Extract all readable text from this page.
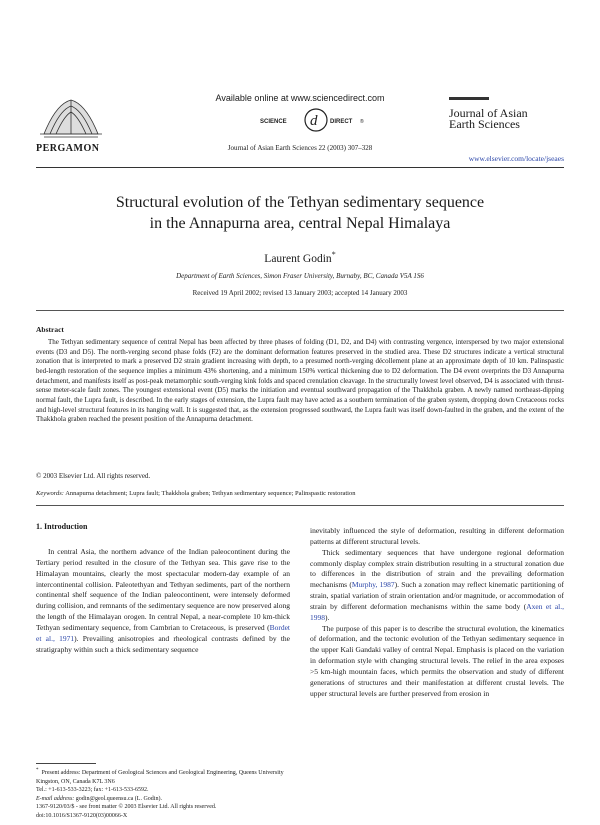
PERGAMON
Available online at www.sciencedirect.com
SCIENCE d DIRECT ®
Journal of Asian Earth Sciences 22 (2003) 307–328
Journal of Asian
Earth Sciences
www.elsevier.com/locate/jseaes
Structural evolution of the Tethyan sedimentary sequence
in the Annapurna area, central Nepal Himalaya
Laurent Godin*
Department of Earth Sciences, Simon Fraser University, Burnaby, BC, Canada V5A 1S6
Received 19 April 2002; revised 13 January 2003; accepted 14 January 2003
Abstract

The Tethyan sedimentary sequence of central Nepal has been affected by three phases of folding (D1, D2, and D4) with contrasting vergence, interspersed by two major extensional events (D3 and D5). The north-verging second phase folds (F2) are the dominant deformation features preserved in the studied area. These D2 structures indicate a vertical structural zonation that is interpreted to mark a preserved D2 strain gradient increasing with depth, to a presumed north-verging décollement plane at an approximate depth of 10 km. Palinspastic bed-length restoration of the sequence implies a minimum 43% shortening, and a minimum 150% vertical thickening due to D2 deformation. The D4 event overprints the D3 Annapurna detachment, and manifests itself as post-peak metamorphic south-verging kink folds and spaced crenulation cleavage. In the structurally lowest level observed, D4 is associated with thrust-sense meter-scale fault zones. The youngest extensional event (D5) marks the initiation and eventual southward propagation of the Thakkhola graben. A newly named northeast-dipping normal fault, the Lupra fault, is described. In the early stages of extension, the Lupra fault may have acted as a southern termination of the graben system, dropping down Cretaceous rocks and high-level structural features in its hanging wall. It is suggested that, as the extension progressed southward, the Lupra fault was itself down-faulted in the graben, and the extent of the Thakkhola graben reached the present position of the Annapurna detachment.

© 2003 Elsevier Ltd. All rights reserved.
Keywords: Annapurna detachment; Lupra fault; Thakkhola graben; Tethyan sedimentary sequence; Palinspastic restoration
1. Introduction

In central Asia, the northern advance of the Indian paleocontinent during the Tertiary period resulted in the closure of the Tethyan sea. This gave rise to the Himalayan mountains, clearly the most spectacular modern-day example of an intercontinental collision. Paleotethyan and Tethyan sediments, part of the northern continental shelf sequence of the Indian paleocontinent, were intensely deformed during collision, and remnants of the sedimentary sequence are now preserved along the length of the Himalayan orogen. In central Nepal, a near-complete 10 km-thick Tethyan sedimentary sequence, from Cambrian to Cretaceous, is preserved (Bordet et al., 1971). Prevailing anisotropies and rheological contrasts defined by the stratigraphy within such a thick sedimentary sequence

inevitably influenced the style of deformation, resulting in different deformation patterns at different structural levels.

Thick sedimentary sequences that have undergone regional deformation commonly display complex strain distribution resulting in a structural zonation due to differences in the distribution of strain and the prevailing deformation mechanisms (Murphy, 1987). Such a zonation may reflect kinematic partitioning of strain, spatial variation of strain orientation and/or magnitude, or accommodation of strain by different deformation mechanisms within the same body (Axen et al., 1998).

The purpose of this paper is to describe the structural evolution, the kinematics of deformation, and the tectonic evolution of the Tethyan sedimentary sequence in the upper Kali Gandaki valley of central Nepal. Emphasis is placed on the variation in deformation style with changing structural levels. The relief in the area exposes >5 km-high mountain faces, which permits the observation and study of different generations of structures and their manifestation at different crustal levels. The upper structural levels are further preserved from erosion in

* Present address: Department of Geological Sciences and Geological Engineering, Queens University Kingston, ON, Canada K7L 3N6
Tel.: +1-613-533-3223; fax: +1-613-533-6592.
E-mail address: godin@geol.queensu.ca (L. Godin).
1367-9120/03/$ - see front matter © 2003 Elsevier Ltd. All rights reserved.
doi:10.1016/S1367-9120(03)00066-X
